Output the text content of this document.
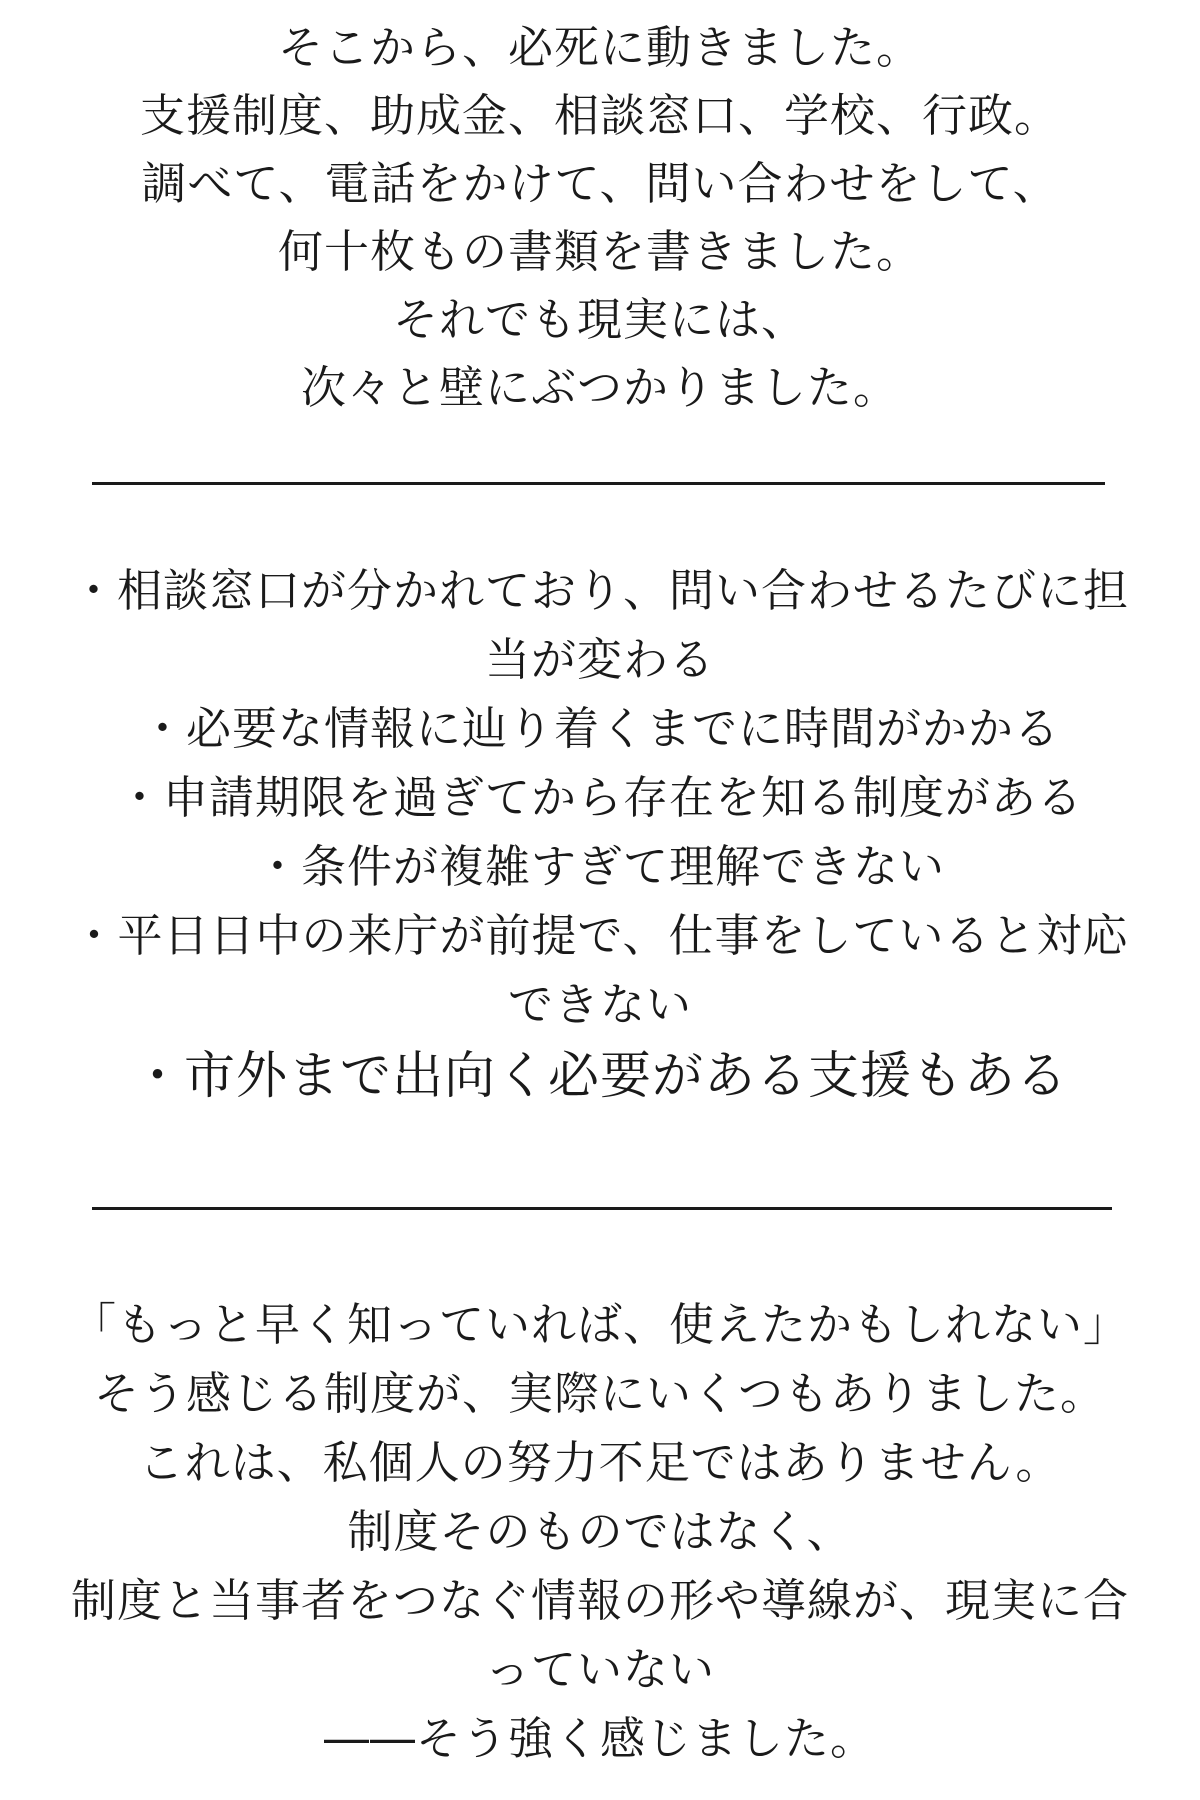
そこから、必死に動きました。
支援制度、助成金、相談窓口、学校、行政。
調べて、電話をかけて、問い合わせをして、
何十枚もの書類を書きました。
それでも現実には、
次々と壁にぶつかりました。
・相談窓口が分かれており、問い合わせるたびに担
当が変わる
・必要な情報に辿り着くまでに時間がかかる
・申請期限を過ぎてから存在を知る制度がある
・条件が複雑すぎて理解できない
・平日日中の来庁が前提で、仕事をしていると対応
できない
・市外まで出向く必要がある支援もある
「もっと早く知っていれば、使えたかもしれない」
そう感じる制度が、実際にいくつもありました。
これは、私個人の努力不足ではありません。
制度そのものではなく、
制度と当事者をつなぐ情報の形や導線が、現実に合
っていない
――そう強く感じました。
